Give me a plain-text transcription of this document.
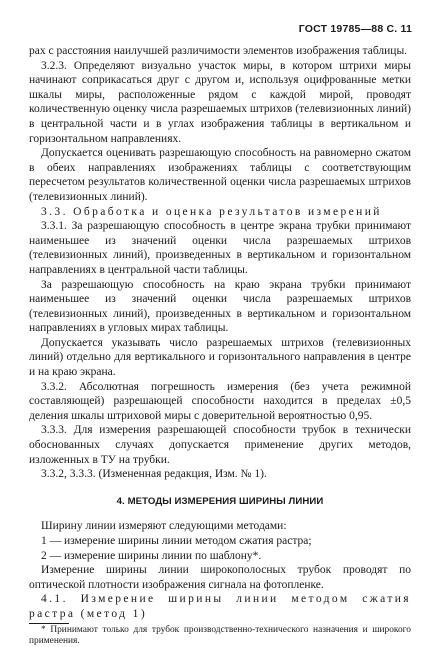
ГОСТ 19785—88 С. 11

рах с расстояния наилучшей различимости элементов изображения таблицы.

3.2.3. Определяют визуально участок миры, в котором штрихи миры начинают соприкасаться друг с другом и, используя оцифрованные метки шкалы миры, расположенные рядом с каждой мирой, проводят количественную оценку числа разрешаемых штрихов (телевизионных линий) в центральной части и в углах изображения таблицы в вертикальном и горизонтальном направлениях.

Допускается оценивать разрешающую способность на равномерно сжатом в обеих направлениях изображениях таблицы с соответствующим пересчетом результатов количественной оценки числа разрешаемых штрихов (телевизионных линий).

3.3. Обработка и оценка результатов измерений

3.3.1. За разрешающую способность в центре экрана трубки принимают наименьшее из значений оценки числа разрешаемых штрихов (телевизионных линий), произведенных в вертикальном и горизонтальном направлениях в центральной части таблицы.

За разрешающую способность на краю экрана трубки принимают наименьшее из значений оценки числа разрешаемых штрихов (телевизионных линий), произведенных в вертикальном и горизонтальном направлениях в угловых мирах таблицы.

Допускается указывать число разрешаемых штрихов (телевизионных линий) отдельно для вертикального и горизонтального направления в центре и на краю экрана.

3.3.2. Абсолютная погрешность измерения (без учета режимной составляющей) разрешающей способности находится в пределах ±0,5 деления шкалы штриховой миры с доверительной вероятностью 0,95.

3.3.3. Для измерения разрешающей способности трубок в технически обоснованных случаях допускается применение других методов, изложенных в ТУ на трубки.

3.3.2, 3.3.3. (Измененная редакция, Изм. № 1).

4. МЕТОДЫ ИЗМЕРЕНИЯ ШИРИНЫ ЛИНИИ

Ширину линии измеряют следующими методами:

1 — измерение ширины линии методом сжатия растра;

2 — измерение ширины линии по шаблону*.

Измерение ширины линии широкополосных трубок проводят по оптической плотности изображения сигнала на фотопленке.

4.1. Измерение ширины линии методом сжатия растра (метод 1)

* Принимают только для трубок производственно-технического назначения и широкого применения.
